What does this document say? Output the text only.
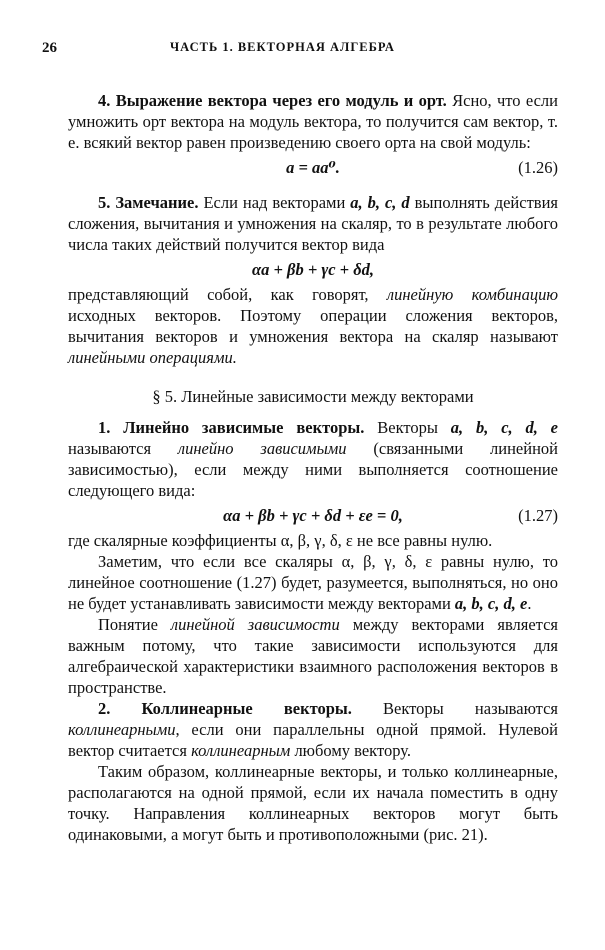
26	ЧАСТЬ 1. ВЕКТОРНАЯ АЛГЕБРА

4. Выражение вектора через его модуль и орт. Ясно, что если умножить орт вектора на модуль вектора, то получится сам вектор, т. е. всякий вектор равен произведению своего орта на свой модуль:

a = aa⁰.	(1.26)

5. Замечание. Если над векторами a, b, c, d выполнять действия сложения, вычитания и умножения на скаляр, то в результате любого числа таких действий получится вектор вида

αa + βb + γc + δd,

представляющий собой, как говорят, линейную комбинацию исходных векторов. Поэтому операции сложения векторов, вычитания векторов и умножения вектора на скаляр называют линейными операциями.

§ 5. Линейные зависимости между векторами

1. Линейно зависимые векторы. Векторы a, b, c, d, e называются линейно зависимыми (связанными линейной зависимостью), если между ними выполняется соотношение следующего вида:

αa + βb + γc + δd + εe = 0,	(1.27)

где скалярные коэффициенты α, β, γ, δ, ε не все равны нулю.

Заметим, что если все скаляры α, β, γ, δ, ε равны нулю, то линейное соотношение (1.27) будет, разумеется, выполняться, но оно не будет устанавливать зависимости между векторами a, b, c, d, e.

Понятие линейной зависимости между векторами является важным потому, что такие зависимости используются для алгебраической характеристики взаимного расположения векторов в пространстве.

2. Коллинеарные векторы. Векторы называются коллинеарными, если они параллельны одной прямой. Нулевой вектор считается коллинеарным любому вектору.

Таким образом, коллинеарные векторы, и только коллинеарные, располагаются на одной прямой, если их начала поместить в одну точку. Направления коллинеарных векторов могут быть одинаковыми, а могут быть и противоположными (рис. 21).
